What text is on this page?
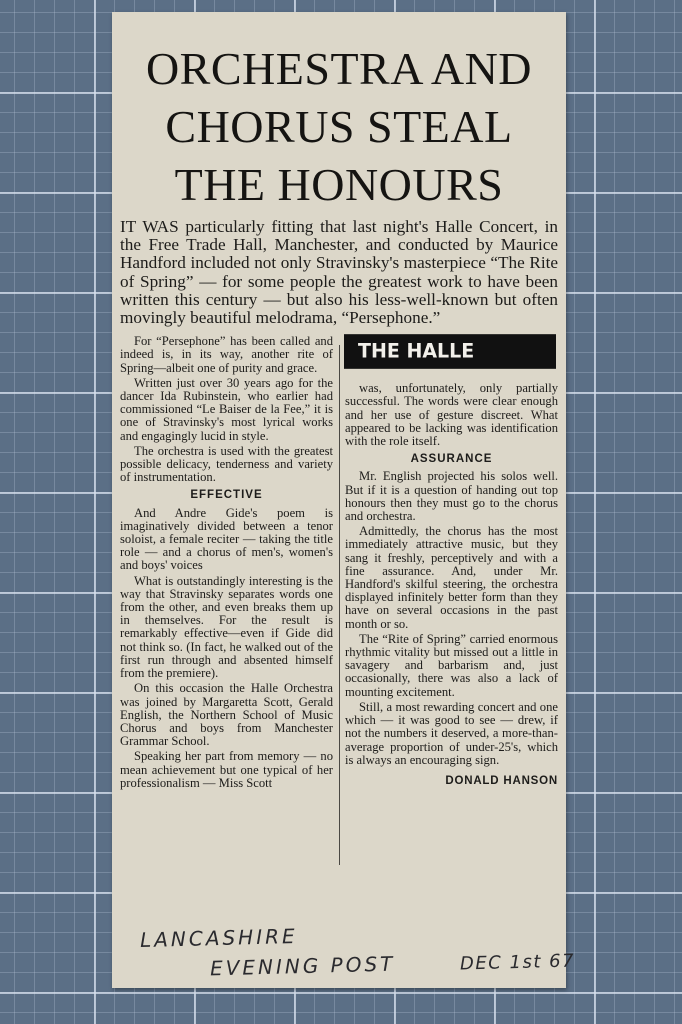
ORCHESTRA AND
CHORUS STEAL
THE HONOURS

IT WAS particularly fitting that last night's Halle Concert, in the Free Trade Hall, Manchester, and conducted by Maurice Handford included not only Stravinsky's masterpiece “The Rite of Spring” — for some people the greatest work to have been written this century — but also his less-well-known but often movingly beautiful melodrama, “Persephone.”

For “Persephone” has been called and indeed is, in its way, another rite of Spring—albeit one of purity and grace.

Written just over 30 years ago for the dancer Ida Rubinstein, who earlier had commissioned “Le Baiser de la Fee,” it is one of Stravinsky's most lyrical works and engagingly lucid in style.

The orchestra is used with the greatest possible delicacy, tenderness and variety of instrumentation.

EFFECTIVE

And Andre Gide's poem is imaginatively divided between a tenor soloist, a female reciter — taking the title role — and a chorus of men's, women's and boys' voices

What is outstandingly interesting is the way that Stravinsky separates words one from the other, and even breaks them up in themselves. For the result is remarkably effective—even if Gide did not think so. (In fact, he walked out of the first run through and absented himself from the premiere).

On this occasion the Halle Orchestra was joined by Margaretta Scott, Gerald English, the Northern School of Music Chorus and boys from Manchester Grammar School.

Speaking her part from memory — no mean achievement but one typical of her professionalism — Miss Scott

THE HALLE

was, unfortunately, only partially successful. The words were clear enough and her use of gesture discreet. What appeared to be lacking was identification with the role itself.

ASSURANCE

Mr. English projected his solos well. But if it is a question of handing out top honours then they must go to the chorus and orchestra.

Admittedly, the chorus has the most immediately attractive music, but they sang it freshly, perceptively and with a fine assurance. And, under Mr. Handford's skilful steering, the orchestra displayed infinitely better form than they have on several occasions in the past month or so.

The “Rite of Spring” carried enormous rhythmic vitality but missed out a little in savagery and barbarism and, just occasionally, there was also a lack of mounting excitement.

Still, a most rewarding concert and one which — it was good to see — drew, if not the numbers it deserved, a more-than-average proportion of under-25's, which is always an encouraging sign.

DONALD HANSON
LANCASHIRE
EVENING POST	DEC 1st 67
